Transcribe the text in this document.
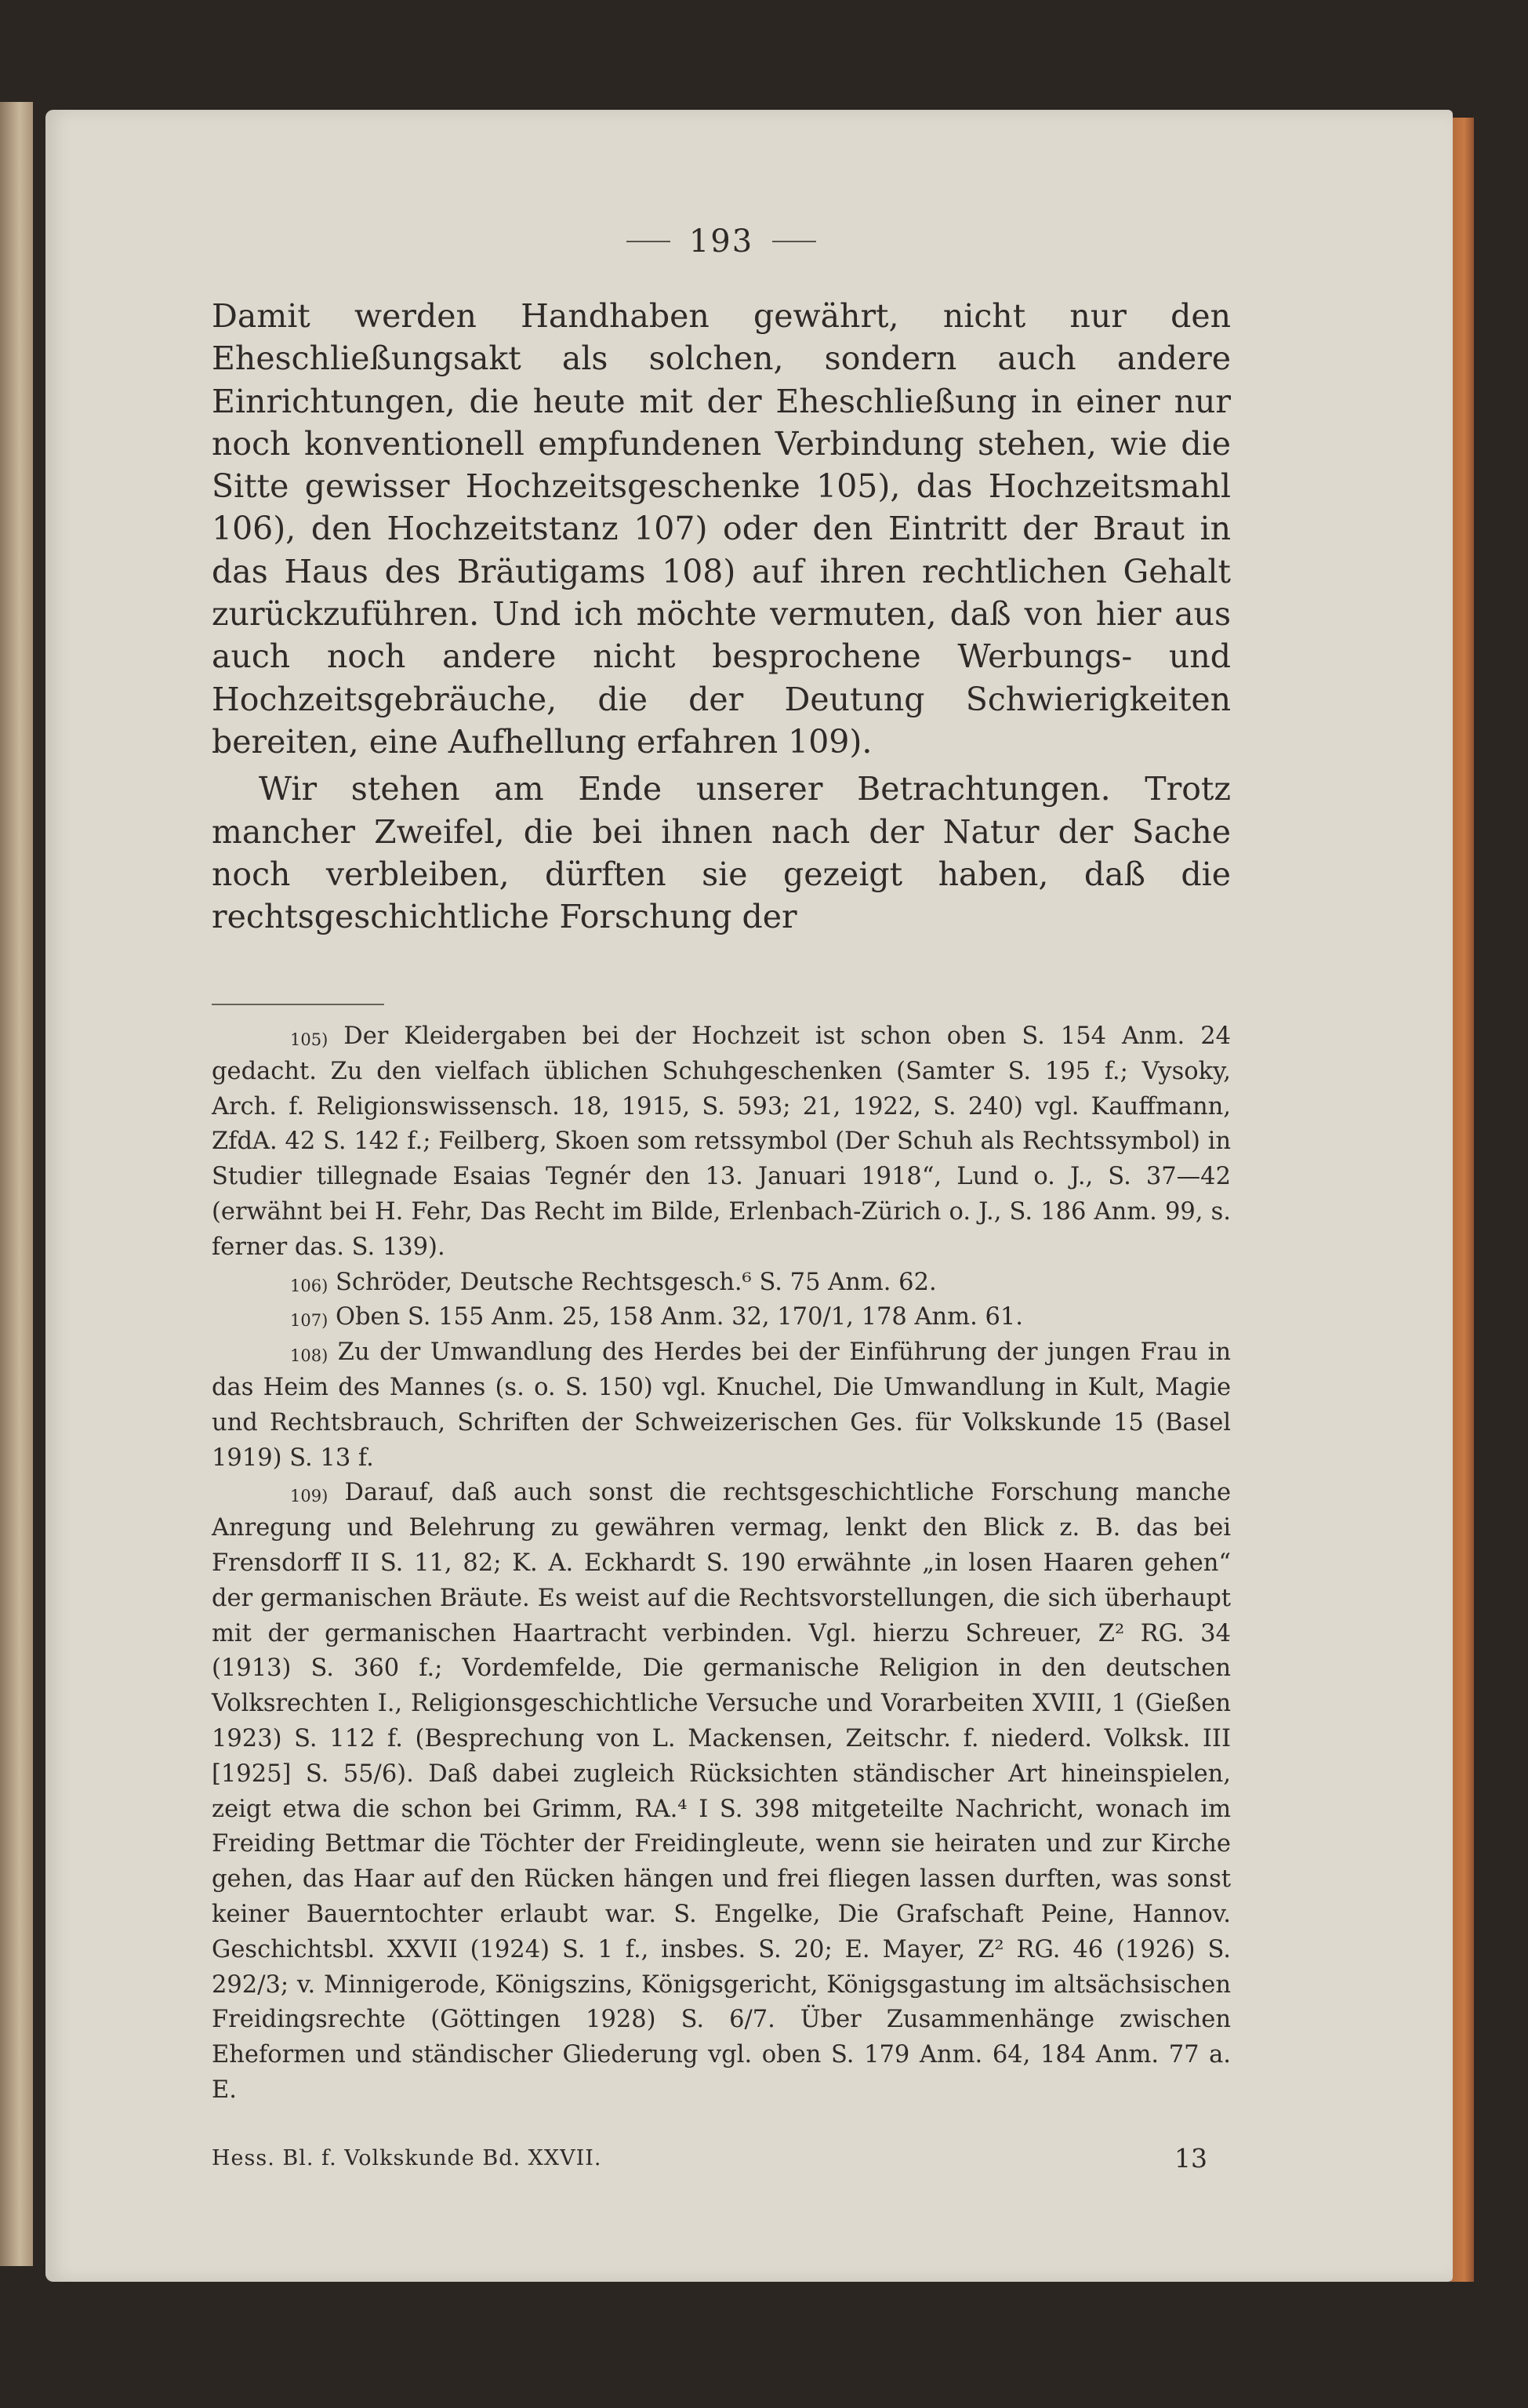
193

Damit werden Handhaben gewährt, nicht nur den Eheschließungsakt als solchen, sondern auch andere Einrichtungen, die heute mit der Eheschließung in einer nur noch konventionell empfundenen Verbindung stehen, wie die Sitte gewisser Hochzeitsgeschenke 105), das Hochzeitsmahl 106), den Hochzeitstanz 107) oder den Eintritt der Braut in das Haus des Bräutigams 108) auf ihren rechtlichen Gehalt zurückzuführen. Und ich möchte vermuten, daß von hier aus auch noch andere nicht besprochene Werbungs- und Hochzeitsgebräuche, die der Deutung Schwierigkeiten bereiten, eine Aufhellung erfahren 109).

Wir stehen am Ende unserer Betrachtungen. Trotz mancher Zweifel, die bei ihnen nach der Natur der Sache noch verbleiben, dürften sie gezeigt haben, daß die rechtsgeschichtliche Forschung der

$^{105)}$ Der Kleidergaben bei der Hochzeit ist schon oben S. 154 Anm. 24 gedacht. Zu den vielfach üblichen Schuhgeschenken (Samter S. 195 f.; Vysoky, Arch. f. Religionswissensch. 18, 1915, S. 593; 21, 1922, S. 240) vgl. Kauffmann, ZfdA. 42 S. 142 f.; Feilberg, Skoen som retssymbol (Der Schuh als Rechtssymbol) in Studier tillegnade Esaias Tegnér den 13. Januari 1918“, Lund o. J., S. 37—42 (erwähnt bei H. Fehr, Das Recht im Bilde, Erlenbach-Zürich o. J., S. 186 Anm. 99, s. ferner das. S. 139).

$^{106)}$ Schröder, Deutsche Rechtsgesch.⁶ S. 75 Anm. 62.

$^{107)}$ Oben S. 155 Anm. 25, 158 Anm. 32, 170/1, 178 Anm. 61.

$^{108)}$ Zu der Umwandlung des Herdes bei der Einführung der jungen Frau in das Heim des Mannes (s. o. S. 150) vgl. Knuchel, Die Umwandlung in Kult, Magie und Rechtsbrauch, Schriften der Schweizerischen Ges. für Volkskunde 15 (Basel 1919) S. 13 f.

$^{109)}$ Darauf, daß auch sonst die rechtsgeschichtliche Forschung manche Anregung und Belehrung zu gewähren vermag, lenkt den Blick z. B. das bei Frensdorff II S. 11, 82; K. A. Eckhardt S. 190 erwähnte „in losen Haaren gehen“ der germanischen Bräute. Es weist auf die Rechtsvorstellungen, die sich überhaupt mit der germanischen Haartracht verbinden. Vgl. hierzu Schreuer, Z² RG. 34 (1913) S. 360 f.; Vordemfelde, Die germanische Religion in den deutschen Volksrechten I., Religionsgeschichtliche Versuche und Vorarbeiten XVIII, 1 (Gießen 1923) S. 112 f. (Besprechung von L. Mackensen, Zeitschr. f. niederd. Volksk. III [1925] S. 55/6). Daß dabei zugleich Rücksichten ständischer Art hineinspielen, zeigt etwa die schon bei Grimm, RA.⁴ I S. 398 mitgeteilte Nachricht, wonach im Freiding Bettmar die Töchter der Freidingleute, wenn sie heiraten und zur Kirche gehen, das Haar auf den Rücken hängen und frei fliegen lassen durften, was sonst keiner Bauerntochter erlaubt war. S. Engelke, Die Grafschaft Peine, Hannov. Geschichtsbl. XXVII (1924) S. 1 f., insbes. S. 20; E. Mayer, Z² RG. 46 (1926) S. 292/3; v. Minnigerode, Königszins, Königsgericht, Königsgastung im altsächsischen Freidingsrechte (Göttingen 1928) S. 6/7. Über Zusammenhänge zwischen Eheformen und ständischer Gliederung vgl. oben S. 179 Anm. 64, 184 Anm. 77 a. E.

Hess. Bl. f. Volkskunde Bd. XXVII.	13
